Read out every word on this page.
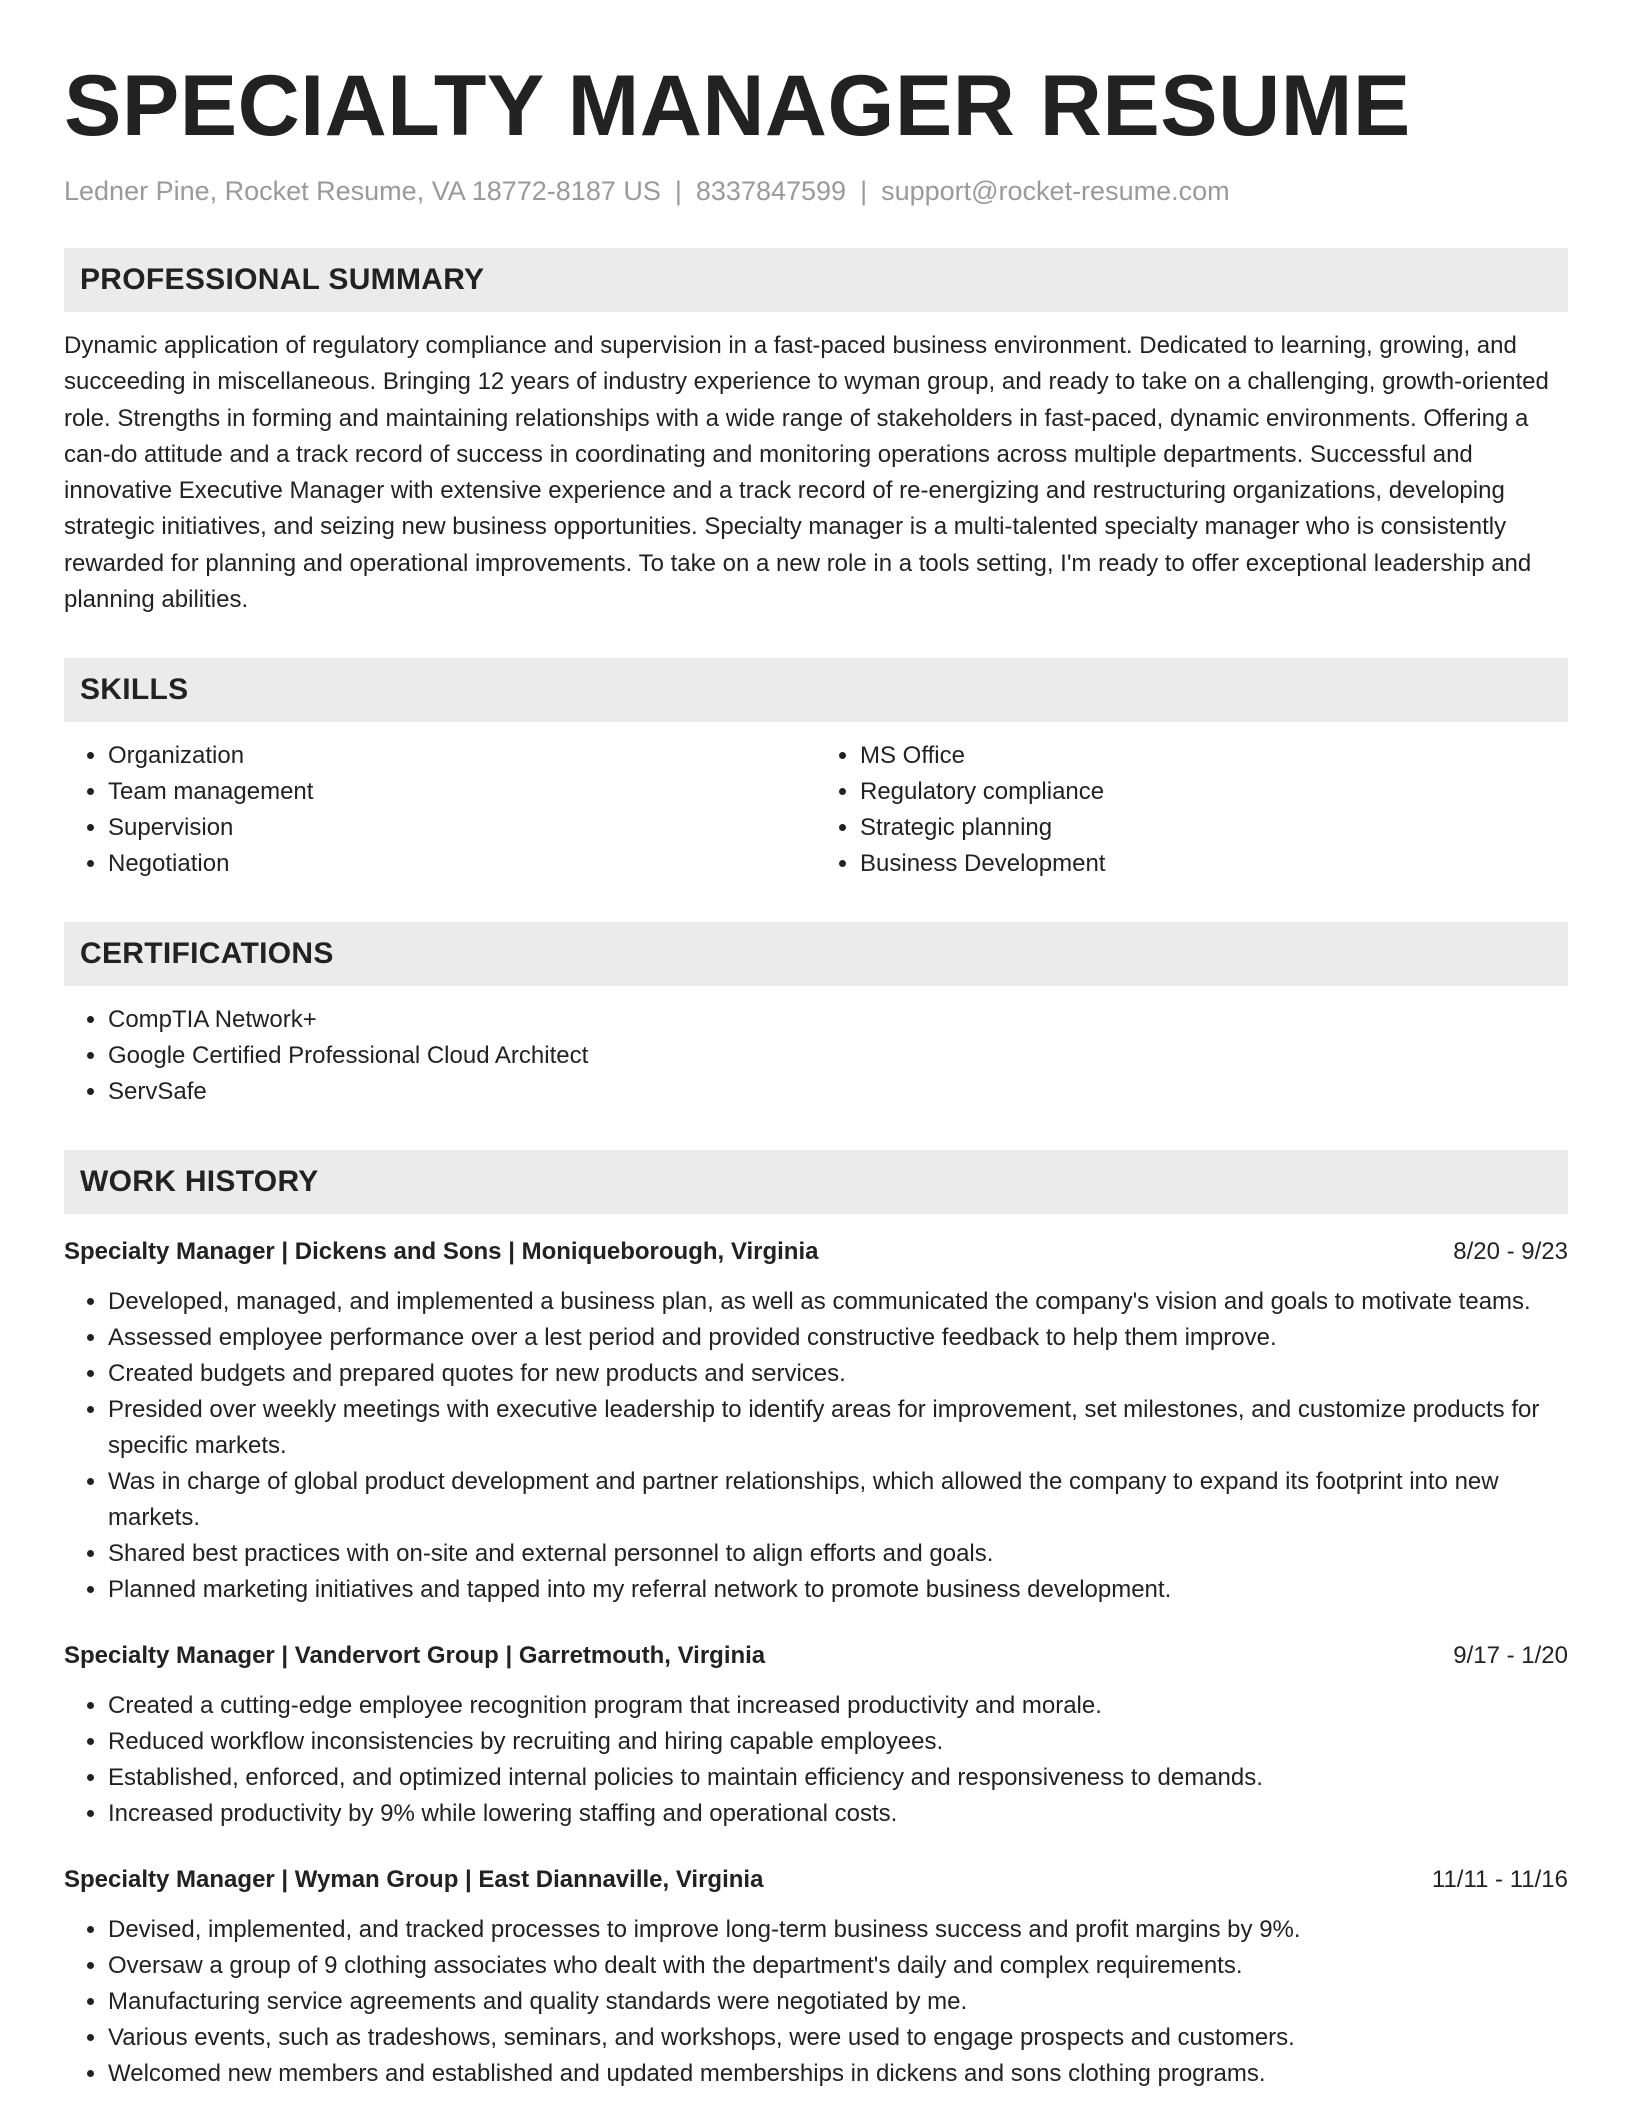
SPECIALTY MANAGER RESUME
Ledner Pine, Rocket Resume, VA 18772-8187 US | 8337847599 | support@rocket-resume.com
PROFESSIONAL SUMMARY

Dynamic application of regulatory compliance and supervision in a fast-paced business environment. Dedicated to learning, growing, and succeeding in miscellaneous. Bringing 12 years of industry experience to wyman group, and ready to take on a challenging, growth-oriented role. Strengths in forming and maintaining relationships with a wide range of stakeholders in fast-paced, dynamic environments. Offering a can-do attitude and a track record of success in coordinating and monitoring operations across multiple departments. Successful and innovative Executive Manager with extensive experience and a track record of re-energizing and restructuring organizations, developing strategic initiatives, and seizing new business opportunities. Specialty manager is a multi-talented specialty manager who is consistently rewarded for planning and operational improvements. To take on a new role in a tools setting, I'm ready to offer exceptional leadership and planning abilities.

SKILLS
• Organization
• Team management
• Supervision
• Negotiation
• MS Office
• Regulatory compliance
• Strategic planning
• Business Development
CERTIFICATIONS
• CompTIA Network+
• Google Certified Professional Cloud Architect
• ServSafe
WORK HISTORY
Specialty Manager | Dickens and Sons | Moniqueborough, Virginia	8/20 - 9/23
• Developed, managed, and implemented a business plan, as well as communicated the company's vision and goals to motivate teams.
• Assessed employee performance over a lest period and provided constructive feedback to help them improve.
• Created budgets and prepared quotes for new products and services.
• Presided over weekly meetings with executive leadership to identify areas for improvement, set milestones, and customize products for specific markets.
• Was in charge of global product development and partner relationships, which allowed the company to expand its footprint into new markets.
• Shared best practices with on-site and external personnel to align efforts and goals.
• Planned marketing initiatives and tapped into my referral network to promote business development.
Specialty Manager | Vandervort Group | Garretmouth, Virginia	9/17 - 1/20
• Created a cutting-edge employee recognition program that increased productivity and morale.
• Reduced workflow inconsistencies by recruiting and hiring capable employees.
• Established, enforced, and optimized internal policies to maintain efficiency and responsiveness to demands.
• Increased productivity by 9% while lowering staffing and operational costs.
Specialty Manager | Wyman Group | East Diannaville, Virginia	11/11 - 11/16
• Devised, implemented, and tracked processes to improve long-term business success and profit margins by 9%.
• Oversaw a group of 9 clothing associates who dealt with the department's daily and complex requirements.
• Manufacturing service agreements and quality standards were negotiated by me.
• Various events, such as tradeshows, seminars, and workshops, were used to engage prospects and customers.
• Welcomed new members and established and updated memberships in dickens and sons clothing programs.
